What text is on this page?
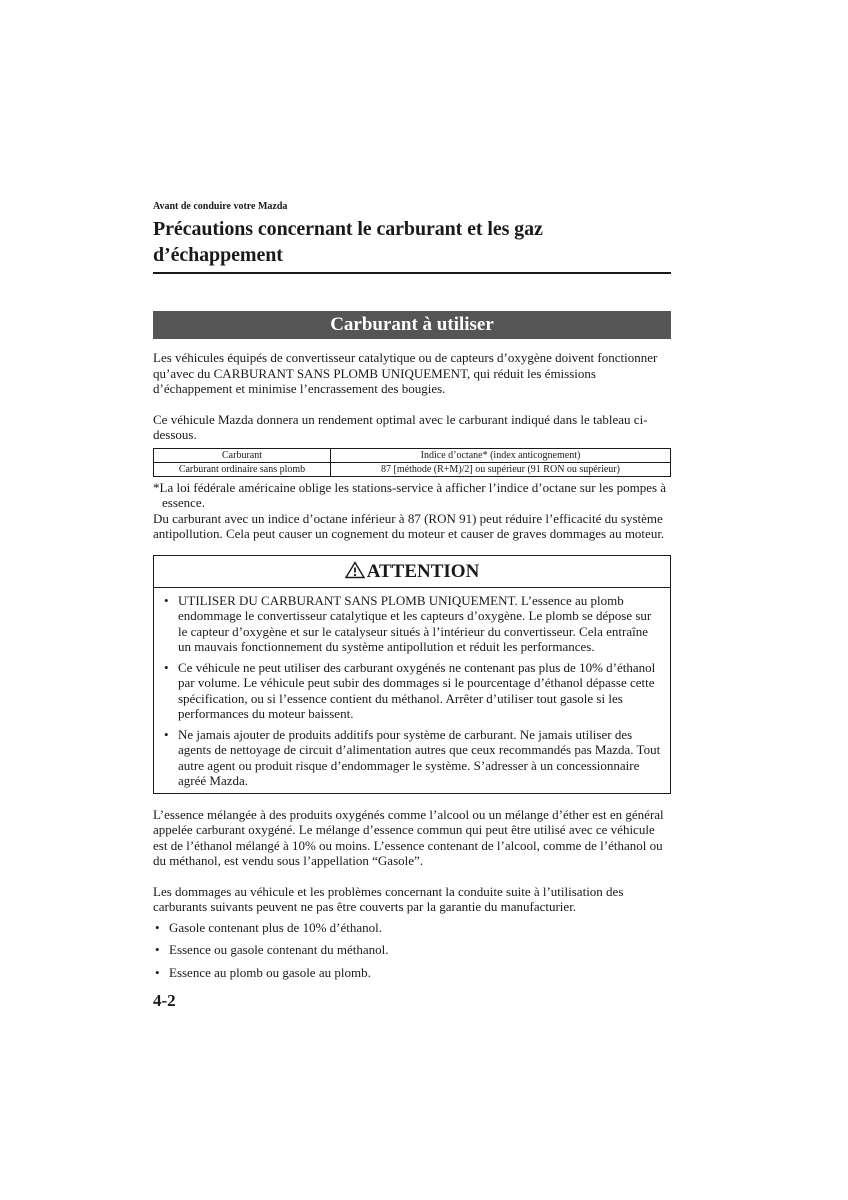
Avant de conduire votre Mazda

Précautions concernant le carburant et les gaz d’échappement
Carburant à utiliser

Les véhicules équipés de convertisseur catalytique ou de capteurs d’oxygène doivent fonctionner qu’avec du CARBURANT SANS PLOMB UNIQUEMENT, qui réduit les émissions d’échappement et minimise l’encrassement des bougies.

Ce véhicule Mazda donnera un rendement optimal avec le carburant indiqué dans le tableau ci-dessous.

Carburant	Indice d’octane* (index anticognement)
Carburant ordinaire sans plomb	87 [méthode (R+M)/2] ou supérieur (91 RON ou supérieur)

*La loi fédérale américaine oblige les stations-service à afficher l’indice d’octane sur les pompes à essence.

Du carburant avec un indice d’octane inférieur à 87 (RON 91) peut réduire l’efficacité du système antipollution. Cela peut causer un cognement du moteur et causer de graves dommages au moteur.

ATTENTION
• UTILISER DU CARBURANT SANS PLOMB UNIQUEMENT. L’essence au plomb endommage le convertisseur catalytique et les capteurs d’oxygène. Le plomb se dépose sur le capteur d’oxygène et sur le catalyseur situés à l’intérieur du convertisseur. Cela entraîne un mauvais fonctionnement du système antipollution et réduit les performances.
• Ce véhicule ne peut utiliser des carburant oxygénés ne contenant pas plus de 10% d’éthanol par volume. Le véhicule peut subir des dommages si le pourcentage d’éthanol dépasse cette spécification, ou si l’essence contient du méthanol. Arrêter d’utiliser tout gasole si les performances du moteur baissent.
• Ne jamais ajouter de produits additifs pour système de carburant. Ne jamais utiliser des agents de nettoyage de circuit d’alimentation autres que ceux recommandés pas Mazda. Tout autre agent ou produit risque d’endommager le système. S’adresser à un concessionnaire agréé Mazda.

L’essence mélangée à des produits oxygénés comme l’alcool ou un mélange d’éther est en général appelée carburant oxygéné. Le mélange d’essence commun qui peut être utilisé avec ce véhicule est de l’éthanol mélangé à 10% ou moins. L’essence contenant de l’alcool, comme de l’éthanol ou du méthanol, est vendu sous l’appellation “Gasole”.

Les dommages au véhicule et les problèmes concernant la conduite suite à l’utilisation des carburants suivants peuvent ne pas être couverts par la garantie du manufacturier.

• Gasole contenant plus de 10% d’éthanol.
• Essence ou gasole contenant du méthanol.
• Essence au plomb ou gasole au plomb.
4-2
